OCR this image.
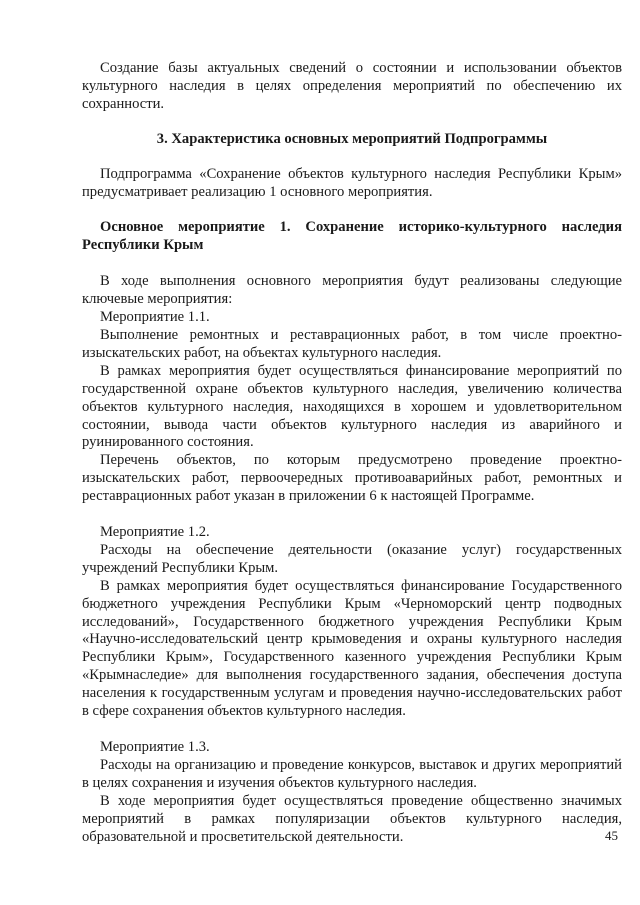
Создание базы актуальных сведений о состоянии и использовании объектов культурного наследия в целях определения мероприятий по обеспечению их сохранности.

3. Характеристика основных мероприятий Подпрограммы

Подпрограмма «Сохранение объектов культурного наследия Республики Крым» предусматривает реализацию 1 основного мероприятия.

Основное мероприятие 1. Сохранение историко-культурного наследия Республики Крым

В ходе выполнения основного мероприятия будут реализованы следующие ключевые мероприятия:

Мероприятие 1.1.

Выполнение ремонтных и реставрационных работ, в том числе проектно-изыскательских работ, на объектах культурного наследия.

В рамках мероприятия будет осуществляться финансирование мероприятий по государственной охране объектов культурного наследия, увеличению количества объектов культурного наследия, находящихся в хорошем и удовлетворительном состоянии, вывода части объектов культурного наследия из аварийного и руинированного состояния.

Перечень объектов, по которым предусмотрено проведение проектно-изыскательских работ, первоочередных противоаварийных работ, ремонтных и реставрационных работ указан в приложении 6 к настоящей Программе.

Мероприятие 1.2.

Расходы на обеспечение деятельности (оказание услуг) государственных учреждений Республики Крым.

В рамках мероприятия будет осуществляться финансирование Государственного бюджетного учреждения Республики Крым «Черноморский центр подводных исследований», Государственного бюджетного учреждения Республики Крым «Научно-исследовательский центр крымоведения и охраны культурного наследия Республики Крым», Государственного казенного учреждения Республики Крым «Крымнаследие» для выполнения государственного задания, обеспечения доступа населения к государственным услугам и проведения научно-исследовательских работ в сфере сохранения объектов культурного наследия.

Мероприятие 1.3.

Расходы на организацию и проведение конкурсов, выставок и других мероприятий в целях сохранения и изучения объектов культурного наследия.

В ходе мероприятия будет осуществляться проведение общественно значимых мероприятий в рамках популяризации объектов культурного наследия, образовательной и просветительской деятельности.	45
